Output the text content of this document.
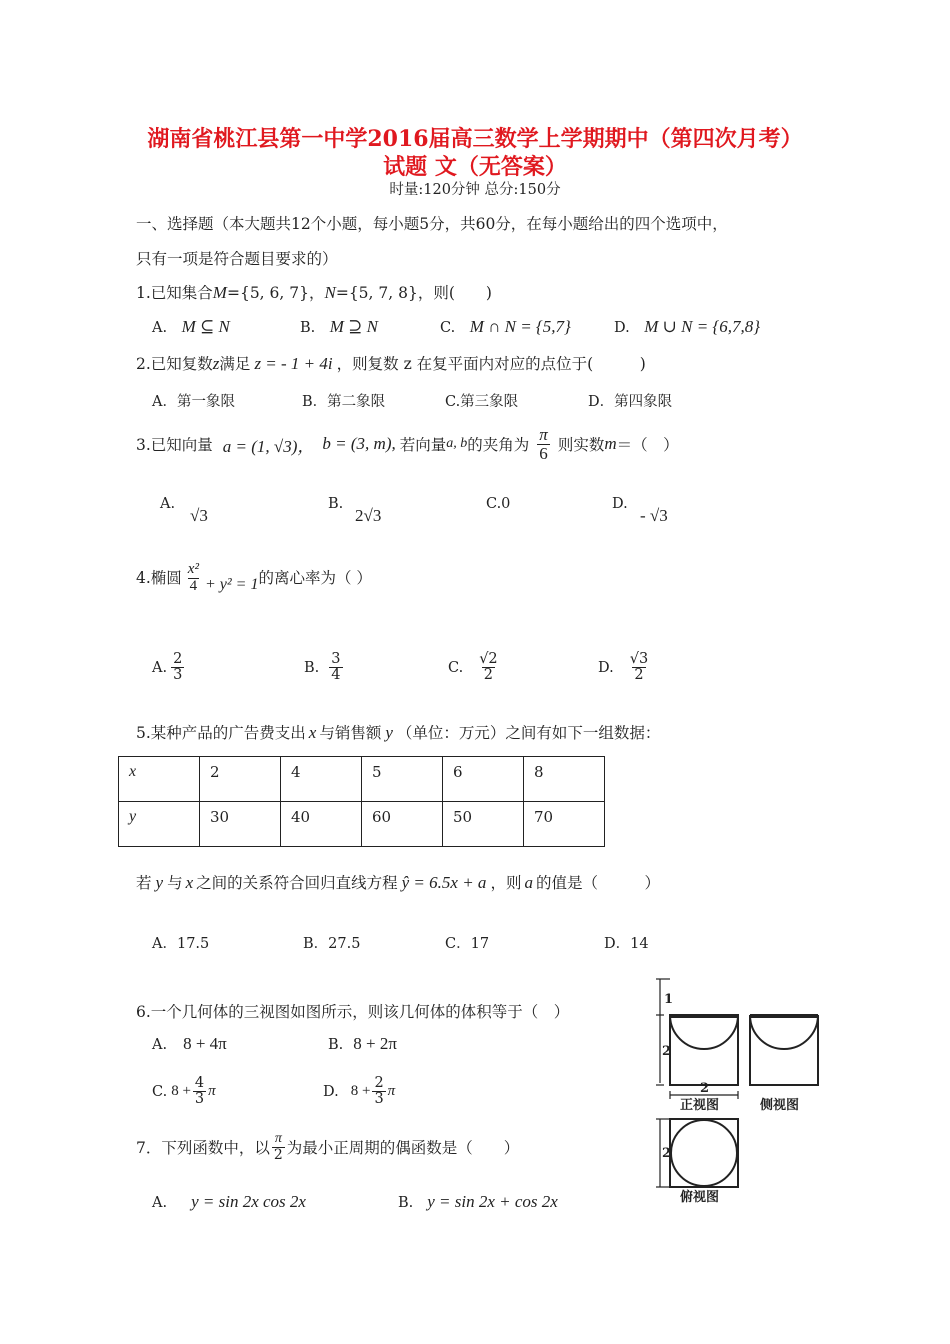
湖南省桃江县第一中学2016届高三数学上学期期中（第四次月考）
试题 文（无答案）
时量:120分钟 总分:150分
一、选择题（本大题共12个小题，每小题5分，共60分，在每小题给出的四个选项中，
只有一项是符合题目要求的）
1.已知集合M={5, 6, 7}，N={5, 7, 8}，则(　　)
A.　 M ⊆ N	B.　 M ⊇ N	C.　 M ∩ N = {5,7}	D.　 M ∪ N = {6,7,8}
2.已知复数z满足 z = - 1 + 4i ，则复数 z 在复平面内对应的点位于(　　　)
A．第一象限	B．第二象限	C.第三象限	D．第四象限
3.已知向量 a = (1, √3)， b = (3, m), 若向量 a, b 的夹角为 $\frac{\pi}{6}$ 则实数 m ＝（　）
A.
√3
B.
2√3
C.0	D.
- √3
4.椭圆 $\frac{\text{x²}}{4} + y^2 = 1$ 的离心率为（ ）
A. $\frac{2}{3}$	B. $\frac{3}{4}$	C. $\frac{√2}{2}$	D. $\frac{√3}{2}$
5.某种产品的广告费支出 x 与销售额 y （单位：万元）之间有如下一组数据：
x	2	4	5	6	8
y	30	40	60	50	70
若 y 与 x 之间的关系符合回归直线方程 ŷ = 6.5x + a ，则 a 的值是（　　　）
A．17.5	B．27.5	C．17	D．14
6.一个几何体的三视图如图所示，则该几何体的体积等于（　）
A. 8 + 4π	B. 8 + 2π
C. $8 + \frac{4}{3}$ π	D. $8 + \frac{2}{3}$ π
1
2
2
2
正视图	侧视图
俯视图
7．下列函数中，以 $\frac{\pi}{2}$ 为最小正周期的偶函数是（　　）
A. y = sin 2x cos 2x	B. y = sin 2x + cos 2x
